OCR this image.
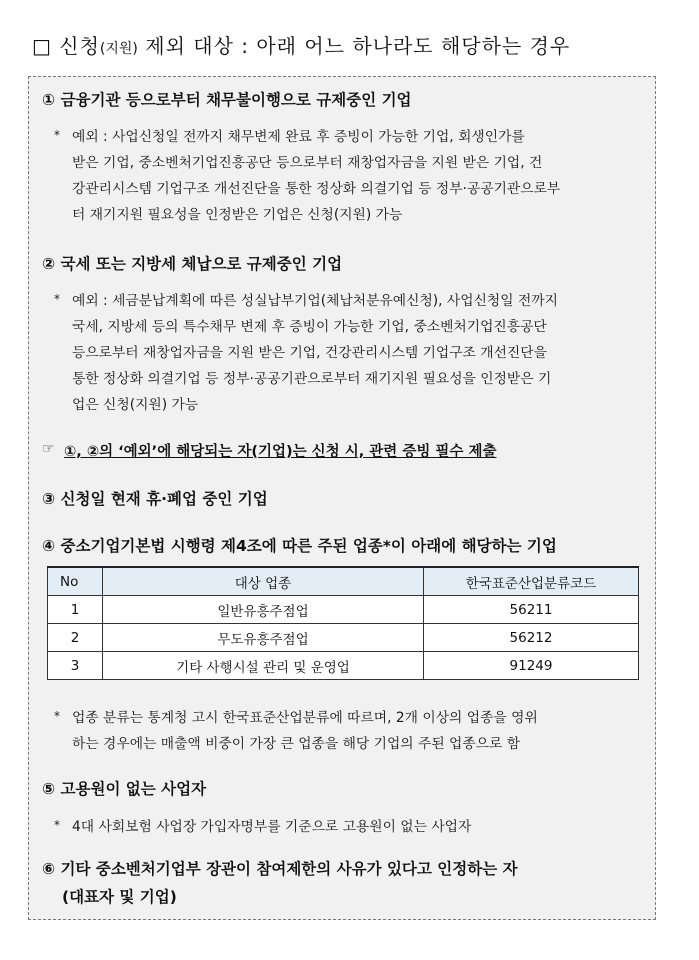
□ 신청(지원) 제외 대상 : 아래 어느 하나라도 해당하는 경우
① 금융기관 등으로부터 채무불이행으로 규제중인 기업
* 예외 : 사업신청일 전까지 채무변제 완료 후 증빙이 가능한 기업, 회생인가를
받은 기업, 중소벤처기업진흥공단 등으로부터 재창업자금을 지원 받은 기업, 건
강관리시스템 기업구조 개선진단을 통한 정상화 의결기업 등 정부·공공기관으로부
터 재기지원 필요성을 인정받은 기업은 신청(지원) 가능
② 국세 또는 지방세 체납으로 규제중인 기업
* 예외 : 세금분납계획에 따른 성실납부기업(체납처분유예신청), 사업신청일 전까지
국세, 지방세 등의 특수채무 변제 후 증빙이 가능한 기업, 중소벤처기업진흥공단
등으로부터 재창업자금을 지원 받은 기업, 건강관리시스템 기업구조 개선진단을
통한 정상화 의결기업 등 정부·공공기관으로부터 재기지원 필요성을 인정받은 기
업은 신청(지원) 가능
☞ ①, ②의 ‘예외’에 해당되는 자(기업)는 신청 시, 관련 증빙 필수 제출
③ 신청일 현재 휴·폐업 중인 기업
④ 중소기업기본법 시행령 제4조에 따른 주된 업종*이 아래에 해당하는 기업
No	대상 업종	한국표준산업분류코드
1	일반유흥주점업	56211
2	무도유흥주점업	56212
3	기타 사행시설 관리 및 운영업	91249
* 업종 분류는 통계청 고시 한국표준산업분류에 따르며, 2개 이상의 업종을 영위
하는 경우에는 매출액 비중이 가장 큰 업종을 해당 기업의 주된 업종으로 함
⑤ 고용원이 없는 사업자
* 4대 사회보험 사업장 가입자명부를 기준으로 고용원이 없는 사업자
⑥ 기타 중소벤처기업부 장관이 참여제한의 사유가 있다고 인정하는 자
(대표자 및 기업)
